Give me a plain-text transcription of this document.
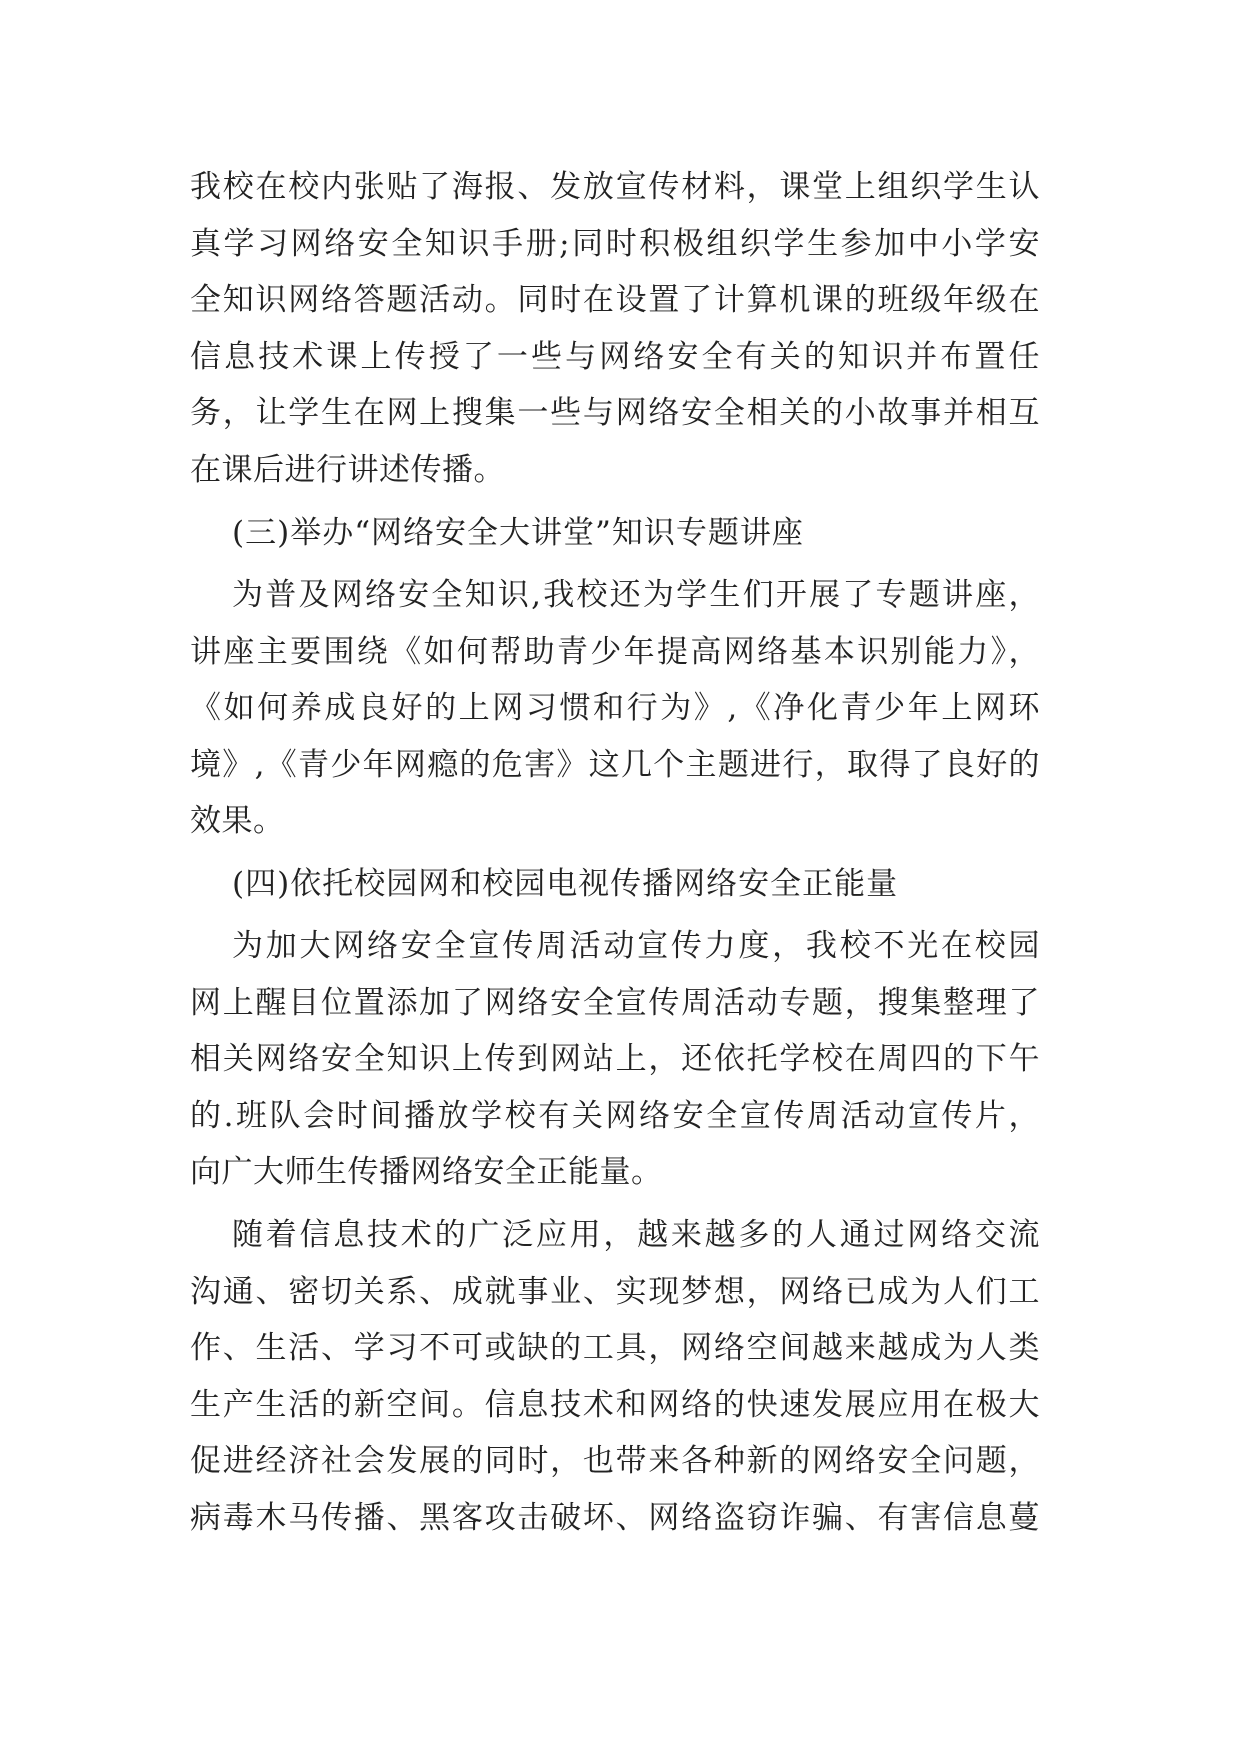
我校在校内张贴了海报、发放宣传材料，课堂上组织学生认
真学习网络安全知识手册;同时积极组织学生参加中小学安
全知识网络答题活动。同时在设置了计算机课的班级年级在
信息技术课上传授了一些与网络安全有关的知识并布置任
务，让学生在网上搜集一些与网络安全相关的小故事并相互
在课后进行讲述传播。
(三)举办“网络安全大讲堂”知识专题讲座
为普及网络安全知识,我校还为学生们开展了专题讲座，
讲座主要围绕《如何帮助青少年提高网络基本识别能力》，
《如何养成良好的上网习惯和行为》,《净化青少年上网环
境》,《青少年网瘾的危害》这几个主题进行，取得了良好的
效果。
(四)依托校园网和校园电视传播网络安全正能量
为加大网络安全宣传周活动宣传力度，我校不光在校园
网上醒目位置添加了网络安全宣传周活动专题，搜集整理了
相关网络安全知识上传到网站上，还依托学校在周四的下午
的.班队会时间播放学校有关网络安全宣传周活动宣传片，
向广大师生传播网络安全正能量。
随着信息技术的广泛应用，越来越多的人通过网络交流
沟通、密切关系、成就事业、实现梦想，网络已成为人们工
作、生活、学习不可或缺的工具，网络空间越来越成为人类
生产生活的新空间。信息技术和网络的快速发展应用在极大
促进经济社会发展的同时，也带来各种新的网络安全问题，
病毒木马传播、黑客攻击破坏、网络盗窃诈骗、有害信息蔓
